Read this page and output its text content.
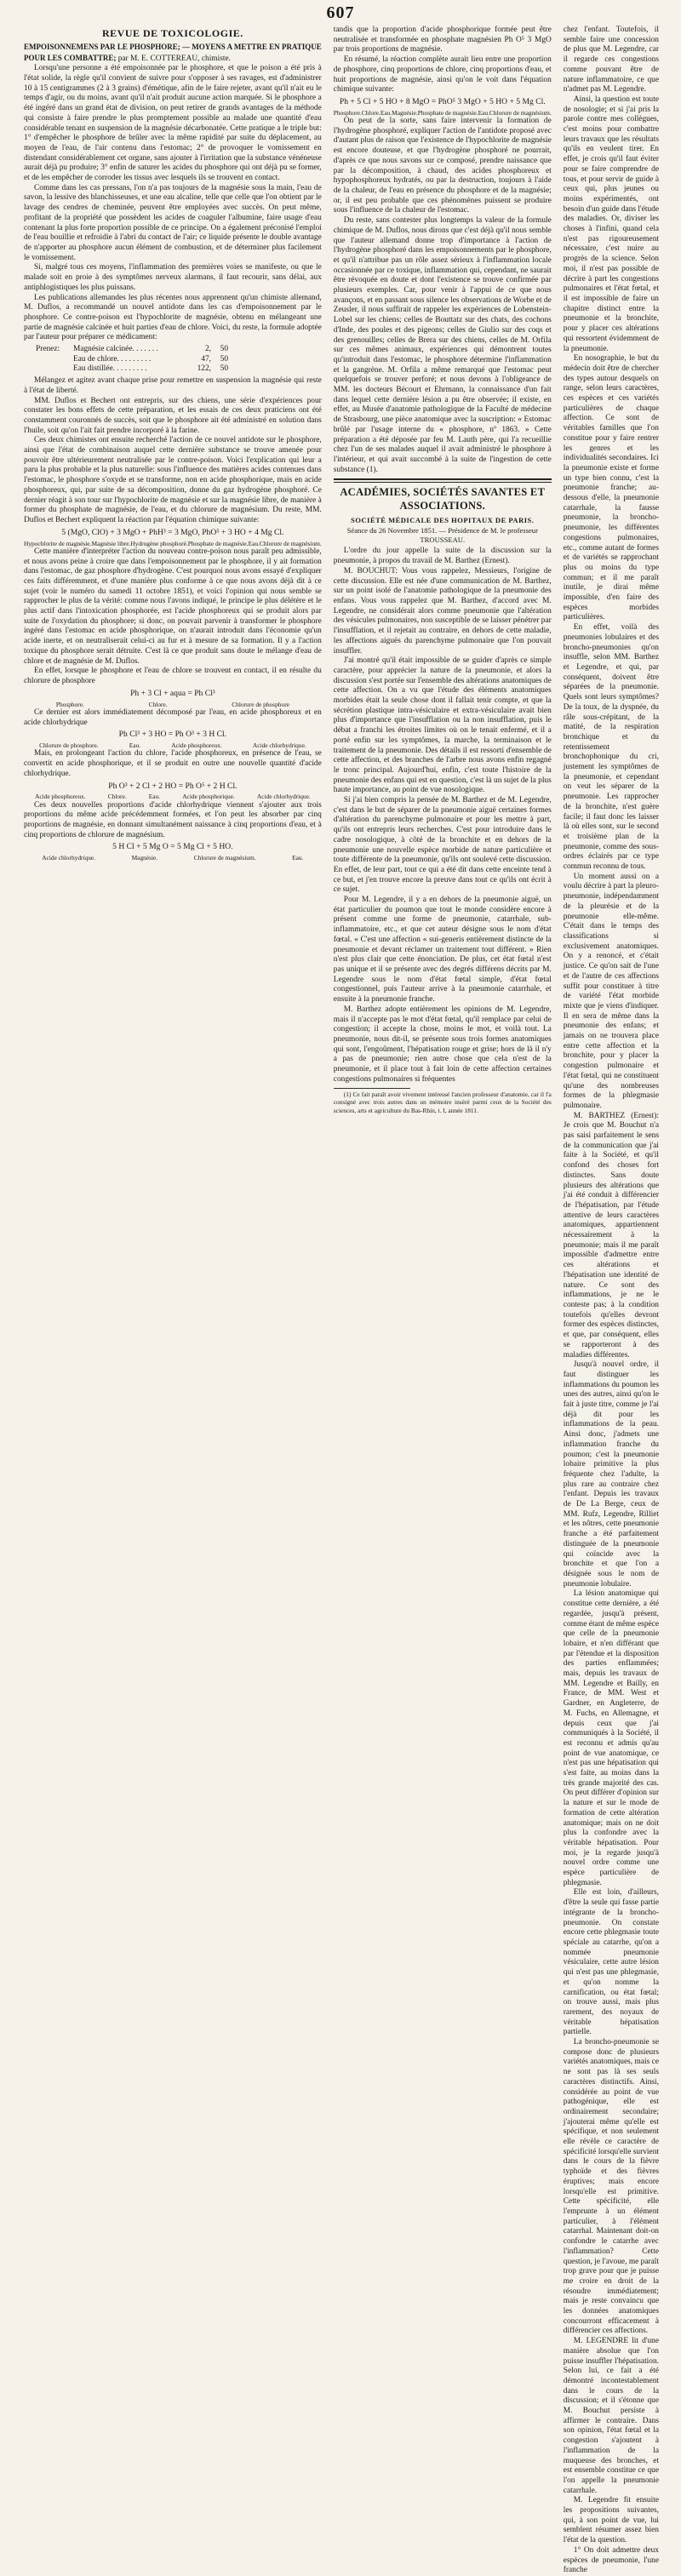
607
REVUE DE TOXICOLOGIE.

EMPOISONNEMENS PAR LE PHOSPHORE; — MOYENS A METTRE EN PRATIQUE POUR LES COMBATTRE; par M. E. COTTEREAU, chimiste.

Lorsqu'une personne a été empoisonnée par le phosphore, et que le poison a été pris à l'état solide, la règle qu'il convient de suivre pour s'opposer à ses ravages, est d'administrer 10 à 15 centigrammes (2 à 3 grains) d'émétique, afin de le faire rejeter, avant qu'il n'ait eu le temps d'agir, ou du moins, avant qu'il n'ait produit aucune action marquée. Si le phosphore a été ingéré dans un grand état de division, on peut retirer de grands avantages de la méthode qui consiste à faire prendre le plus promptement possible au malade une quantité d'eau considérable tenant en suspension de la magnésie décarbonatée. Cette pratique a le triple but: 1° d'empêcher le phosphore de brûler avec la même rapidité par suite du déplacement, au moyen de l'eau, de l'air contenu dans l'estomac; 2° de provoquer le vomissement en distendant considérablement cet organe, sans ajouter à l'irritation que la substance vénéneuse aurait déjà pu produire; 3° enfin de saturer les acides du phosphore qui ont déjà pu se former, et de les empêcher de corroder les tissus avec lesquels ils se trouvent en contact.

Comme dans les cas pressans, l'on n'a pas toujours de la magnésie sous la main, l'eau de savon, la lessive des blanchisseuses, et une eau alcaline, telle que celle que l'on obtient par le lavage des cendres de cheminée, peuvent être employées avec succès. On peut même, profitant de la propriété que possèdent les acides de coaguler l'albumine, faire usage d'eau contenant la plus forte proportion possible de ce principe. On a également préconisé l'emploi de l'eau bouillie et refroidie à l'abri du contact de l'air; ce liquide présente le double avantage de n'apporter au phosphore aucun élément de combustion, et de déterminer plus facilement le vomissement.

Si, malgré tous ces moyens, l'inflammation des premières voies se manifeste, ou que le malade soit en proie à des symptômes nerveux alarmans, il faut recourir, sans délai, aux antiphlogistiques les plus puissans.

Les publications allemandes les plus récentes nous apprennent qu'un chimiste allemand, M. Duflos, a recommandé un nouvel antidote dans les cas d'empoisonnement par le phosphore. Ce contre-poison est l'hypochlorite de magnésie, obtenu en mélangeant une partie de magnésie calcinée et huit parties d'eau de chlore. Voici, du reste, la formule adoptée par l'auteur pour préparer ce médicament:

Prenez:	Magnésie calcinée. . . . . . .	2,	50
Eau de chlore. . . . . . . . .	47,	50
Eau distillée. . . . . . . . .	122,	50

Mélangez et agitez avant chaque prise pour remettre en suspension la magnésie qui reste à l'état de liberté.

MM. Duflos et Bechert ont entrepris, sur des chiens, une série d'expériences pour constater les bons effets de cette préparation, et les essais de ces deux praticiens ont été constamment couronnés de succès, soit que le phosphore ait été administré en solution dans l'huile, soit qu'on l'ait fait prendre incorporé à la farine.

Ces deux chimistes ont ensuite recherché l'action de ce nouvel antidote sur le phosphore, ainsi que l'état de combinaison auquel cette dernière substance se trouve amenée pour pouvoir être ultérieurement neutralisée par le contre-poison. Voici l'explication qui leur a paru la plus probable et la plus naturelle: sous l'influence des matières acides contenues dans l'estomac, le phosphore s'oxyde et se transforme, non en acide phosphorique, mais en acide phosphoreux, qui, par suite de sa décomposition, donne du gaz hydrogène phosphoré. Ce dernier réagit à son tour sur l'hypochlorite de magnésie et sur la magnésie libre, de manière à former du phosphate de magnésie, de l'eau, et du chlorure de magnésium. Du reste, MM. Duflos et Bechert expliquent la réaction par l'équation chimique suivante:

5 (MgO, ClO) + 3 MgO + PhH³ = 3 MgO, PhO⁵ + 3 HO + 4 Mg Cl.
Hypochlorite de magnésie. Magnésie libre. Hydrogène phosphoré. Phosphate de magnésie. Eau. Chlorure de magnésium.

Cette manière d'interpréter l'action du nouveau contre-poison nous paraît peu admissible, et nous avons peine à croire que dans l'empoisonnement par le phosphore, il y ait formation dans l'estomac, de gaz phosphore d'hydrogène. C'est pourquoi nous avons essayé d'expliquer ces faits différemment, et d'une manière plus conforme à ce que nous avons déjà dit à ce sujet (voir le numéro du samedi 11 octobre 1851), et voici l'opinion qui nous semble se rapprocher le plus de la vérité: comme nous l'avons indiqué, le principe le plus délétère et le plus actif dans l'intoxication phosphorée, est l'acide phosphoreux qui se produit alors par suite de l'oxydation du phosphore; si donc, on pouvait parvenir à transformer le phosphore ingéré dans l'estomac en acide phosphorique, on n'aurait introduit dans l'économie qu'un acide inerte, et on neutraliserait celui-ci au fur et à mesure de sa formation. Il y a l'action toxique du phosphore serait détruite. C'est là ce que produit sans doute le mélange d'eau de chlore et de magnésie de M. Duflos.

En effet, lorsque le phosphore et l'eau de chlore se trouvent en contact, il en résulte du chlorure de phosphore

Ph + 3 Cl + aqua = Ph Cl³
Phosphore.	Chlore.	Chlorure de phosphore

Ce dernier est alors immédiatement décomposé par l'eau, en acide phosphoreux et en acide chlorhydrique

Ph Cl³ + 3 HO = Ph O³ + 3 H Cl.
Chlorure de phosphore.	Eau.	Acide phosphoreux.	Acide chlorhydrique.

Mais, en prolongeant l'action du chlore, l'acide phosphoreux, en présence de l'eau, se convertit en acide phosphorique, et il se produit en outre une nouvelle quantité d'acide chlorhydrique.

Ph O³ + 2 Cl + 2 HO = Ph O⁵ + 2 H Cl.
Acide phosphoreux.	Chlore.	Eau.	Acide phosphorique.	Acide chlorhydrique.

Ces deux nouvelles proportions d'acide chlorhydrique viennent s'ajouter aux trois proportions du même acide précédemment formées, et l'on peut les absorber par cinq proportions de magnésie, en donnant simultanément naissance à cinq proportions d'eau, et à cinq proportions de chlorure de magnésium.

5 H Cl + 5 Mg O = 5 Mg Cl + 5 HO.
Acide chlorhydrique.	Magnésie.	Chlorure de magnésium.	Eau.

tandis que la proportion d'acide phosphorique formée peut être neutralisée et transformée en phosphate magnésien Ph O⁵ 3 MgO par trois proportions de magnésie.

En résumé, la réaction complète aurait lieu entre une proportion de phosphore, cinq proportions de chlore, cinq proportions d'eau, et huit proportions de magnésie, ainsi qu'on le voit dans l'équation chimique suivante:

Ph + 5 Cl + 5 HO + 8 MgO = PhO⁵ 3 MgO + 5 HO + 5 Mg Cl.
Phosphore. Chlore. Eau. Magnésie. Phosphate de magnésie. Eau. Chlorure de magnésium.

On peut de la sorte, sans faire intervenir la formation de l'hydrogène phosphoré, expliquer l'action de l'antidote proposé avec d'autant plus de raison que l'existence de l'hypochlorite de magnésie est encore douteuse, et que l'hydrogène phosphoré ne pourrait, d'après ce que nous savons sur ce composé, prendre naissance que par la décomposition, à chaud, des acides phosphoreux et hypophosphoreux hydratés, ou par la destruction, toujours à l'aide de la chaleur, de l'eau en présence du phosphore et de la magnésie; or, il est peu probable que ces phénomènes puissent se produire sous l'influence de la chaleur de l'estomac.

Du reste, sans contester plus longtemps la valeur de la formule chimique de M. Duflos, nous dirons que c'est déjà qu'il nous semble que l'auteur allemand donne trop d'importance à l'action de l'hydrogène phosphoré dans les empoisonnements par le phosphore, et qu'il n'attribue pas un rôle assez sérieux à l'inflammation locale occasionnée par ce toxique, inflammation qui, cependant, ne saurait être révoquée en doute et dont l'existence se trouve confirmée par plusieurs exemples. Car, pour venir à l'appui de ce que nous avançons, et en passant sous silence les observations de Worbe et de Zeusler, il nous suffirait de rappeler les expériences de Lobenstein-Lobel sur les chiens; celles de Bouttatz sur des chats, des cochons d'Inde, des poules et des pigeons; celles de Giulio sur des coqs et des grenouilles; celles de Brera sur des chiens, celles de M. Orfila sur ces mêmes animaux, expériences qui démontrent toutes qu'introduit dans l'estomac, le phosphore détermine l'inflammation et la gangrène. M. Orfila a même remarqué que l'estomac peut quelquefois se trouver perforé; et nous devons à l'obligeance de MM. les docteurs Bécourt et Ehrmann, la connaissance d'un fait dans lequel cette dernière lésion a pu être observée; il existe, en effet, au Musée d'anatomie pathologique de la Faculté de médecine de Strasbourg, une pièce anatomique avec la suscription: « Estomac brûlé par l'usage interne du « phosphore, nº 1863. » Cette préparation a été déposée par feu M. Lauth père, qui l'a recueillie chez l'un de ses malades auquel il avait administré le phosphore à l'intérieur, et qui avait succombé à la suite de l'ingestion de cette substance (1).

ACADÉMIES, SOCIÉTÉS SAVANTES ET ASSOCIATIONS.
SOCIÉTÉ MÉDICALE DES HOPITAUX DE PARIS.
Séance du 26 Novembre 1851. — Présidence de M. le professeur TROUSSEAU.

L'ordre du jour appelle la suite de la discussion sur la pneumonie, à propos du travail de M. Barthez (Ernest).

M. BOUCHUT: Vous vous rappelez, Messieurs, l'origine de cette discussion. Elle est née d'une communication de M. Barthez, sur un point isolé de l'anatomie pathologique de la pneumonie des enfans. Vous vous rappelez que M. Barthez, d'accord avec M. Legendre, ne considérait alors comme pneumonie que l'altération des vésicules pulmonaires, non susceptible de se laisser pénétrer par l'insufflation, et il rejetait au contraire, en dehors de cette maladie, les affections aiguës du parenchyme pulmonaire que l'on pouvait insuffler.

J'ai montré qu'il était impossible de se guider d'après ce simple caractère, pour apprécier la nature de la pneumonie, et alors la discussion s'est portée sur l'ensemble des altérations anatomiques de cette affection. On a vu que l'étude des éléments anatomiques morbides était la seule chose dont il fallait tenir compte, et que la sécrétion plastique intra-vésiculaire et extra-vésiculaire avait bien plus d'importance que l'insufflation ou la non insufflation, puis le débat a franchi les étroites limites où on le tenait enfermé, et il a porté enfin sur les symptômes, la marche, la terminaison et le traitement de la pneumonie. Des détails il est ressorti d'ensemble de cette affection, et des branches de l'arbre nous avons enfin regagné le tronc principal. Aujourd'hui, enfin, c'est toute l'histoire de la pneumonie des enfans qui est en question, c'est là un sujet de la plus haute importance, au point de vue nosologique.

Si j'ai bien compris la pensée de M. Barthez et de M. Legendre, c'est dans le but de séparer de la pneumonie aiguë certaines formes d'altération du parenchyme pulmonaire et pour les mettre à part, qu'ils ont entrepris leurs recherches. C'est pour introduire dans le cadre nosologique, à côté de la bronchite et en dehors de la pneumonie une nouvelle espèce morbide de nature particulière et toute différente de la pneumonie, qu'ils ont soulevé cette discussion. En effet, de leur part, tout ce qui a été dit dans cette enceinte tend à ce but, et j'en trouve encore la preuve dans tout ce qu'ils ont écrit à ce sujet.

Pour M. Legendre, il y a en dehors de la pneumonie aiguë, un état particulier du poumon que tout le monde considère encore à présent comme une forme de pneumonie, catarrhale, sub-inflammatoire, etc., et que cet auteur désigne sous le nom d'état fœtal. « C'est une affection « sui-generis entièrement distincte de la pneumonie et devant réclamer un traitement tout différent. » Rien n'est plus clair que cette énonciation. De plus, cet état fœtal n'est pas unique et il se présente avec des degrés différens décrits par M. Legendre sous le nom d'état fœtal simple, d'état fœtal congestionnel, puis l'auteur arrive à la pneumonie catarrhale, et ensuite à la pneumonie franche.

M. Barthez adopte entièrement les opinions de M. Legendre, mais il n'accepte pas le mot d'état fœtal, qu'il remplace par celui de congestion; il accepte la chose, moins le mot, et voilà tout. La pneumonie, nous dit-il, se présente sous trois formes anatomiques qui sont, l'engoûment, l'hépatisation rouge et grise; hors de là il n'y a pas de pneumonie; rien autre chose que cela n'est de la pneumonie, et il place tout à fait loin de cette affection certaines congestions pulmonaires si fréquentes

(1) Ce fait paraît avoir vivement intéressé l'ancien professeur d'anatomie, car il l'a consigné avec trois autres dans un mémoire inséré parmi ceux de la Société des sciences, arts et agriculture du Bas-Rhin, t. I, année 1811.

chez l'enfant. Toutefois, il semble faire une concession de plus que M. Legendre, car il regarde ces congestions comme pouvant être de nature inflammatoire, ce que n'admet pas M. Legendre.

Ainsi, la question est toute de nosologie; et si j'ai pris la parole contre mes collègues, c'est moins pour combattre leurs travaux que les résultats qu'ils en veulent tirer. En effet, je crois qu'il faut éviter pour se faire comprendre de tous, et pour servir de guide à ceux qui, plus jeunes ou moins expérimentés, ont besoin d'un guide dans l'étude des maladies. Or, diviser les choses à l'infini, quand cela n'est pas rigoureusement nécessaire, c'est nuire au progrès de la science. Selon moi, il n'est pas possible de décrire à part les congestions pulmonaires et l'état fœtal, et il est impossible de faire un chapitre distinct entre la pneumonie et la bronchite, pour y placer ces altérations qui ressortent évidemment de la pneumonie.

En nosographie, le but du médecin doit être de chercher des types autour desquels on range, selon leurs caractères, ces espèces et ces variétés particulières de chaque affection. Ce sont de véritables familles que l'on constitue pour y faire rentrer les genres et les individualités secondaires. Ici la pneumonie existe et forme un type bien connu, c'est la pneumonie franche; au-dessous d'elle, la pneumonie catarrhale, la fausse pneumonie, la broncho-pneumonie, les différentes congestions pulmonaires, etc., comme autant de formes et de variétés se rapprochant plus ou moins du type commun; et il me paraît inutile, je dirai même impossible, d'en faire des espèces morbides particulières.

En effet, voilà des pneumonies lobulaires et des broncho-pneumonies qu'on insuffle, selon MM. Barthez et Legendre, et qui, par conséquent, doivent être séparées de la pneumonie. Quels sont leurs symptômes? De la toux, de la dyspnée, du râle sous-crépitant, de la matité, de la respiration bronchique et du retentissement bronchophonique du cri, justement les symptômes de la pneumonie, et cependant on veut les séparer de la pneumonie. Les rapprocher de la bronchite, n'est guère facile; il faut donc les laisser là où elles sont, sur le second et troisième plan de la pneumonie, comme des sous-ordres éclairés par ce type commun reconnu de tous.

Un moment aussi on a voulu décrire à part la pleuro-pneumonie, indépendamment de la pleurésie et de la pneumonie elle-même. C'était dans le temps des classifications si exclusivement anatomiques. On y a renoncé, et c'était justice. Ce qu'on sait de l'une et de l'autre de ces affections suffit pour constituer à titre de variété l'état morbide mixte que je viens d'indiquer. Il en sera de même dans la pneumonie des enfans; et jamais on ne trouvera place entre cette affection et la bronchite, pour y placer la congestion pulmonaire et l'état fœtal, qui ne constituent qu'une des nombreuses formes de la phlegmasie pulmonaire.

M. BARTHEZ (Ernest): Je crois que M. Bouchut n'a pas saisi parfaitement le sens de la communication que j'ai faite à la Société, et qu'il confond des choses fort distinctes. Sans doute plusieurs des altérations que j'ai été conduit à différencier de l'hépatisation, par l'étude attentive de leurs caractères anatomiques, appartiennent nécessairement à la pneumonie; mais il me paraît impossible d'admettre entre ces altérations et l'hépatisation une identité de nature. Ce sont des inflammations, je ne le conteste pas; à la condition toutefois qu'elles devront former des espèces distinctes, et que, par conséquent, elles se rapporteront à des maladies différentes.

Jusqu'à nouvel ordre, il faut distinguer les inflammations du poumon les unes des autres, ainsi qu'on le fait à juste titre, comme je l'ai déjà dit pour les inflammations de la peau. Ainsi donc, j'admets une inflammation franche du poumon; c'est la pneumonie lobaire primitive la plus fréquente chez l'adulte, la plus rare au contraire chez l'enfant. Depuis les travaux de De La Berge, ceux de MM. Rufz, Legendre, Rilliet et les nôtres, cette pneumonie franche a été parfaitement distinguée de la pneumonie qui coïncide avec la bronchite et que l'on a désignée sous le nom de pneumonie lobulaire.

La lésion anatomique qui constitue cette dernière, a été regardée, jusqu'à présent, comme étant de même espèce que celle de la pneumonie lobaire, et n'en différant que par l'étendue et la disposition des parties enflammées; mais, depuis les travaux de MM. Legendre et Bailly, en France, de MM. West et Gardner, en Angleterre, de M. Fuchs, en Allemagne, et depuis ceux que j'ai communiqués à la Société, il est reconnu et admis qu'au point de vue anatomique, ce n'est pas une hépatisation qui s'est faite, au moins dans la très grande majorité des cas. On peut différer d'opinion sur la nature et sur le mode de formation de cette altération anatomique; mais on ne doit plus la confondre avec la véritable hépatisation. Pour moi, je la regarde jusqu'à nouvel ordre comme une espèce particulière de phlegmasie.

Elle est loin, d'ailleurs, d'être la seule qui fasse partie intégrante de la broncho-pneumonie. On constate encore cette phlegmasie toute spéciale au catarrhe, qu'on a nommée pneumonie vésiculaire, cette autre lésion qui n'est pas une phlegmasie, et qu'on nomme la carnification, ou état fœtal; on trouve aussi, mais plus rarement, des noyaux de véritable hépatisation partielle.

La broncho-pneumonie se compose donc de plusieurs variétés anatomiques, mais ce ne sont pas là ses seuls caractères distinctifs. Ainsi, considérée au point de vue pathogénique, elle est ordinairement secondaire; j'ajouterai même qu'elle est spécifique, et non seulement elle révèle ce caractère de spécificité lorsqu'elle survient dans le cours de la fièvre typhoïde et des fièvres éruptives; mais encore lorsqu'elle est primitive. Cette spécificité, elle l'emprunte à un élément particulier, à l'élément catarrhal. Maintenant doit-on confondre le catarrhe avec l'inflammation? Cette question, je l'avoue, me paraît trop grave pour que je puisse me croire en droit de la résoudre immédiatement; mais je reste convaincu que les données anatomiques concourront efficacement à différencier ces affections.

M. LEGENDRE lit d'une manière absolue que l'on puisse insuffler l'hépatisation. Selon lui, ce fait a été démontré incontestablement dans le cours de la discussion; et il s'étonne que M. Bouchut persiste à affirmer le contraire. Dans son opinion, l'état fœtal et la congestion s'ajoutent à l'inflammation de la muqueuse des bronches, et est ensemble constitue ce que l'on appelle la pneumonie catarrhale.

M. Legendre fit ensuite les propositions suivantes, qui, à son point de vue, lui semblent résumer assez bien l'état de la question.

1° On doit admettre deux espèces de pneumonie, l'une franche
